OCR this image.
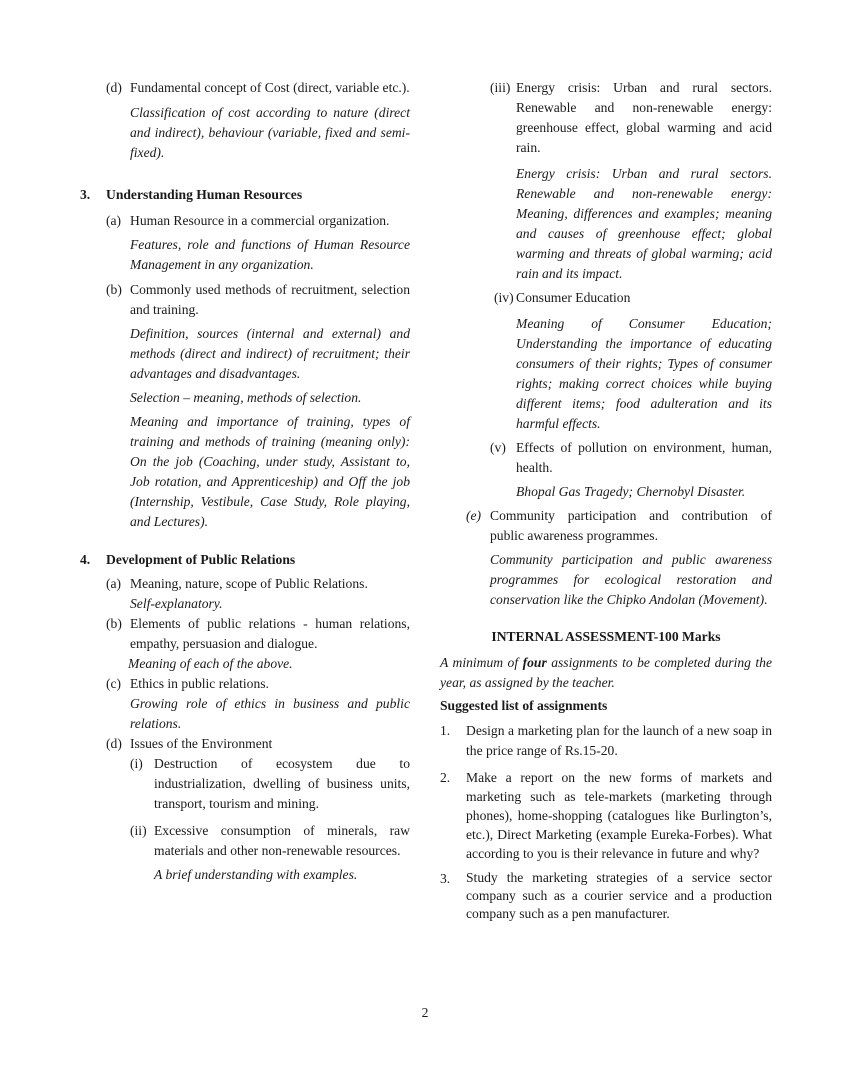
(d) Fundamental concept of Cost (direct, variable etc.).

Classification of cost according to nature (direct and indirect), behaviour (variable, fixed and semi-fixed).

3.	Understanding Human Resources
(a) Human Resource in a commercial organization.

Features, role and functions of Human Resource Management in any organization.

(b) Commonly used methods of recruitment, selection and training.

Definition, sources (internal and external) and methods (direct and indirect) of recruitment; their advantages and disadvantages.

Selection – meaning, methods of selection.

Meaning and importance of training, types of training and methods of training (meaning only): On the job (Coaching, under study, Assistant to, Job rotation, and Apprenticeship) and Off the job (Internship, Vestibule, Case Study, Role playing, and Lectures).

4.	Development of Public Relations
(a) Meaning, nature, scope of Public Relations.

Self-explanatory.

(b) Elements of public relations - human relations, empathy, persuasion and dialogue.

Meaning of each of the above.

(c) Ethics in public relations.

Growing role of ethics in business and public relations.

(d) Issues of the Environment

(i) Destruction of ecosystem due to industrialization, dwelling of business units, transport, tourism and mining.

(ii) Excessive consumption of minerals, raw materials and other non-renewable resources.

A brief understanding with examples.

(iii) Energy crisis: Urban and rural sectors. Renewable and non-renewable energy: greenhouse effect, global warming and acid rain.

Energy crisis: Urban and rural sectors. Renewable and non-renewable energy: Meaning, differences and examples; meaning and causes of greenhouse effect; global warming and threats of global warming; acid rain and its impact.

(iv) Consumer Education

Meaning of Consumer Education; Understanding the importance of educating consumers of their rights; Types of consumer rights; making correct choices while buying different items; food adulteration and its harmful effects.

(v) Effects of pollution on environment, human, health.

Bhopal Gas Tragedy; Chernobyl Disaster.

(e) Community participation and contribution of public awareness programmes.

Community participation and public awareness programmes for ecological restoration and conservation like the Chipko Andolan (Movement).

INTERNAL ASSESSMENT-100 Marks

A minimum of four assignments to be completed during the year, as assigned by the teacher.

Suggested list of assignments

1.	Design a marketing plan for the launch of a new soap in the price range of Rs.15-20.

2.	Make a report on the new forms of markets and marketing such as tele-markets (marketing through phones), home-shopping (catalogues like Burlington’s, etc.), Direct Marketing (example Eureka-Forbes). What according to you is their relevance in future and why?

3.	Study the marketing strategies of a service sector company such as a courier service and a production company such as a pen manufacturer.

2
